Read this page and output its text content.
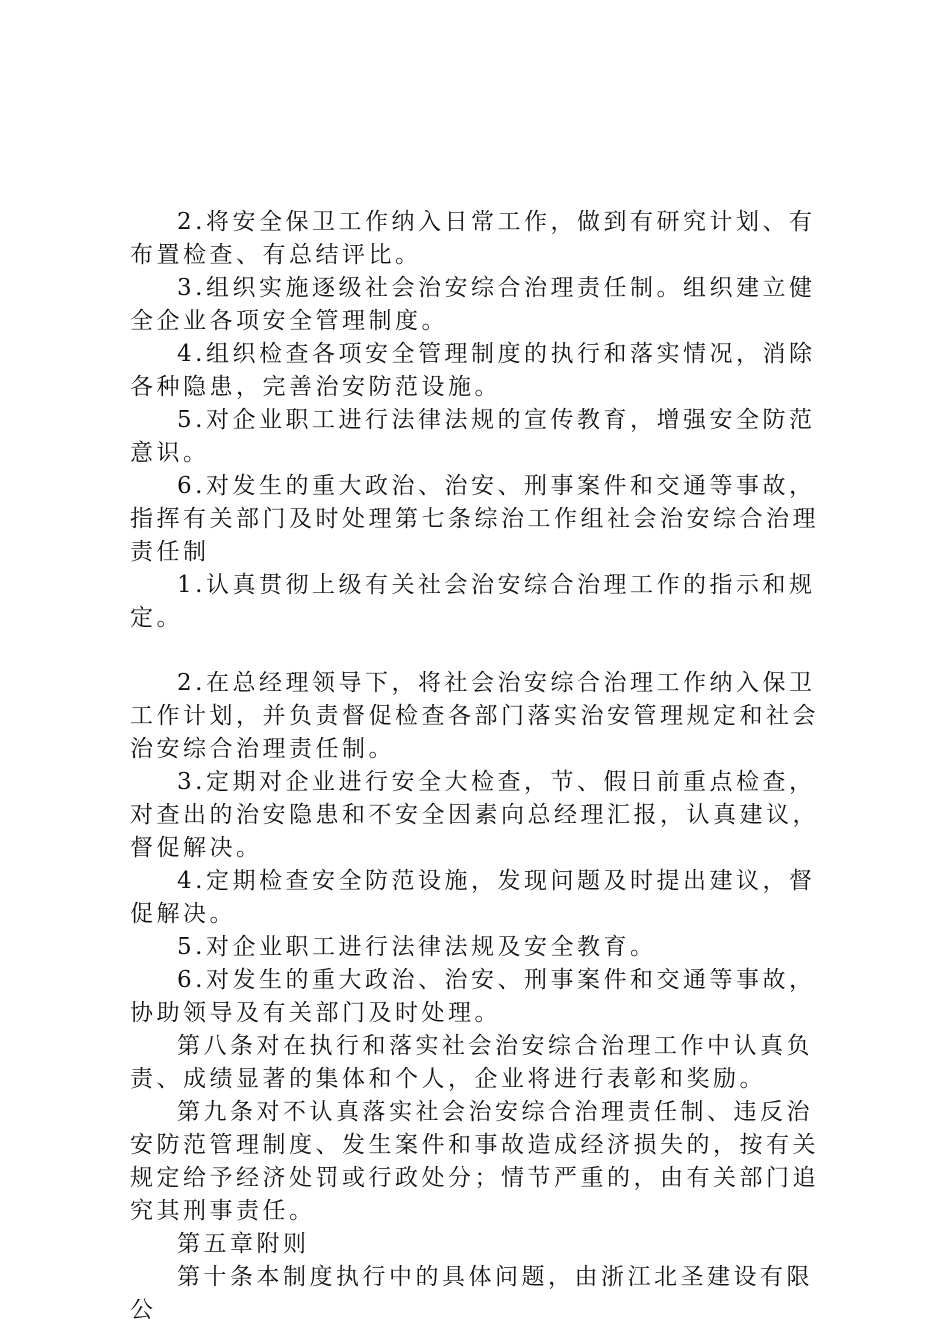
2.将安全保卫工作纳入日常工作，做到有研究计划、有布置检查、有总结评比。

3.组织实施逐级社会治安综合治理责任制。组织建立健全企业各项安全管理制度。

4.组织检查各项安全管理制度的执行和落实情况，消除各种隐患，完善治安防范设施。

5.对企业职工进行法律法规的宣传教育，增强安全防范意识。

6.对发生的重大政治、治安、刑事案件和交通等事故，指挥有关部门及时处理第七条综治工作组社会治安综合治理责任制

1.认真贯彻上级有关社会治安综合治理工作的指示和规定。

2.在总经理领导下，将社会治安综合治理工作纳入保卫工作计划，并负责督促检查各部门落实治安管理规定和社会治安综合治理责任制。

3.定期对企业进行安全大检查，节、假日前重点检查，对查出的治安隐患和不安全因素向总经理汇报，认真建议，督促解决。

4.定期检查安全防范设施，发现问题及时提出建议，督促解决。

5.对企业职工进行法律法规及安全教育。

6.对发生的重大政治、治安、刑事案件和交通等事故，协助领导及有关部门及时处理。

第八条对在执行和落实社会治安综合治理工作中认真负责、成绩显著的集体和个人，企业将进行表彰和奖励。

第九条对不认真落实社会治安综合治理责任制、违反治安防范管理制度、发生案件和事故造成经济损失的，按有关规定给予经济处罚或行政处分；情节严重的，由有关部门追究其刑事责任。

第五章附则

第十条本制度执行中的具体问题，由浙江北圣建设有限公
